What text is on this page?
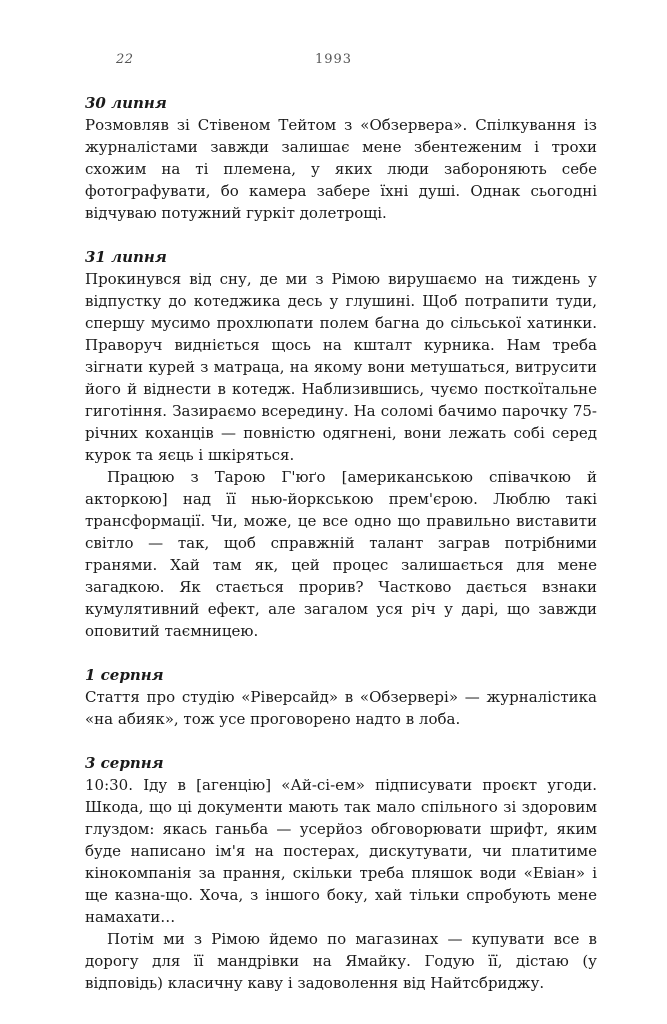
22	1993

30 липня

Розмовляв зі Стівеном Тейтом з «Обзервера». Спілкування із журналістами завжди залишає мене збентеженим і трохи схожим на ті племена, у яких люди забороняють себе фотографувати, бо камера забере їхні душі. Однак сьогодні відчуваю потужний гуркіт долетрощі.

31 липня

Прокинувся від сну, де ми з Рімою вирушаємо на тиждень у відпустку до котеджика десь у глушині. Щоб потрапити туди, спершу мусимо прохлюпати полем багна до сільської хатинки. Праворуч видніється щось на кшталт курника. Нам треба зігнати курей з матраца, на якому вони метушаться, витрусити його й віднести в котедж. Наблизившись, чуємо посткоїтальне гиготіння. Зазираємо всередину. На соломі бачимо парочку 75-річних коханців — повністю одягнені, вони лежать собі серед курок та яєць і шкіряться.

Працюю з Тарою Г'юґо [американською співачкою й акторкою] над її нью-йоркською прем'єрою. Люблю такі трансформації. Чи, може, це все одно що правильно виставити світло — так, щоб справжній талант заграв потрібними гранями. Хай там як, цей процес залишається для мене загадкою. Як стається прорив? Частково дається взнаки кумулятивний ефект, але загалом уся річ у дарі, що завжди оповитий таємницею.

1 серпня

Стаття про студію «Ріверсайд» в «Обзервері» — журналістика «на абияк», тож усе проговорено надто в лоба.

3 серпня

10:30. Іду в [агенцію] «Ай-сі-ем» підписувати проєкт угоди. Шкода, що ці документи мають так мало спільного зі здоровим глуздом: якась ганьба — усерйоз обговорювати шрифт, яким буде написано ім'я на постерах, дискутувати, чи платитиме кінокомпанія за прання, скільки треба пляшок води «Евіан» і ще казна-що. Хоча, з іншого боку, хай тільки спробують мене намахати…

Потім ми з Рімою йдемо по магазинах — купувати все в дорогу для її мандрівки на Ямайку. Годую її, дістаю (у відповідь) класичну каву і задоволення від Найтсбриджу.
